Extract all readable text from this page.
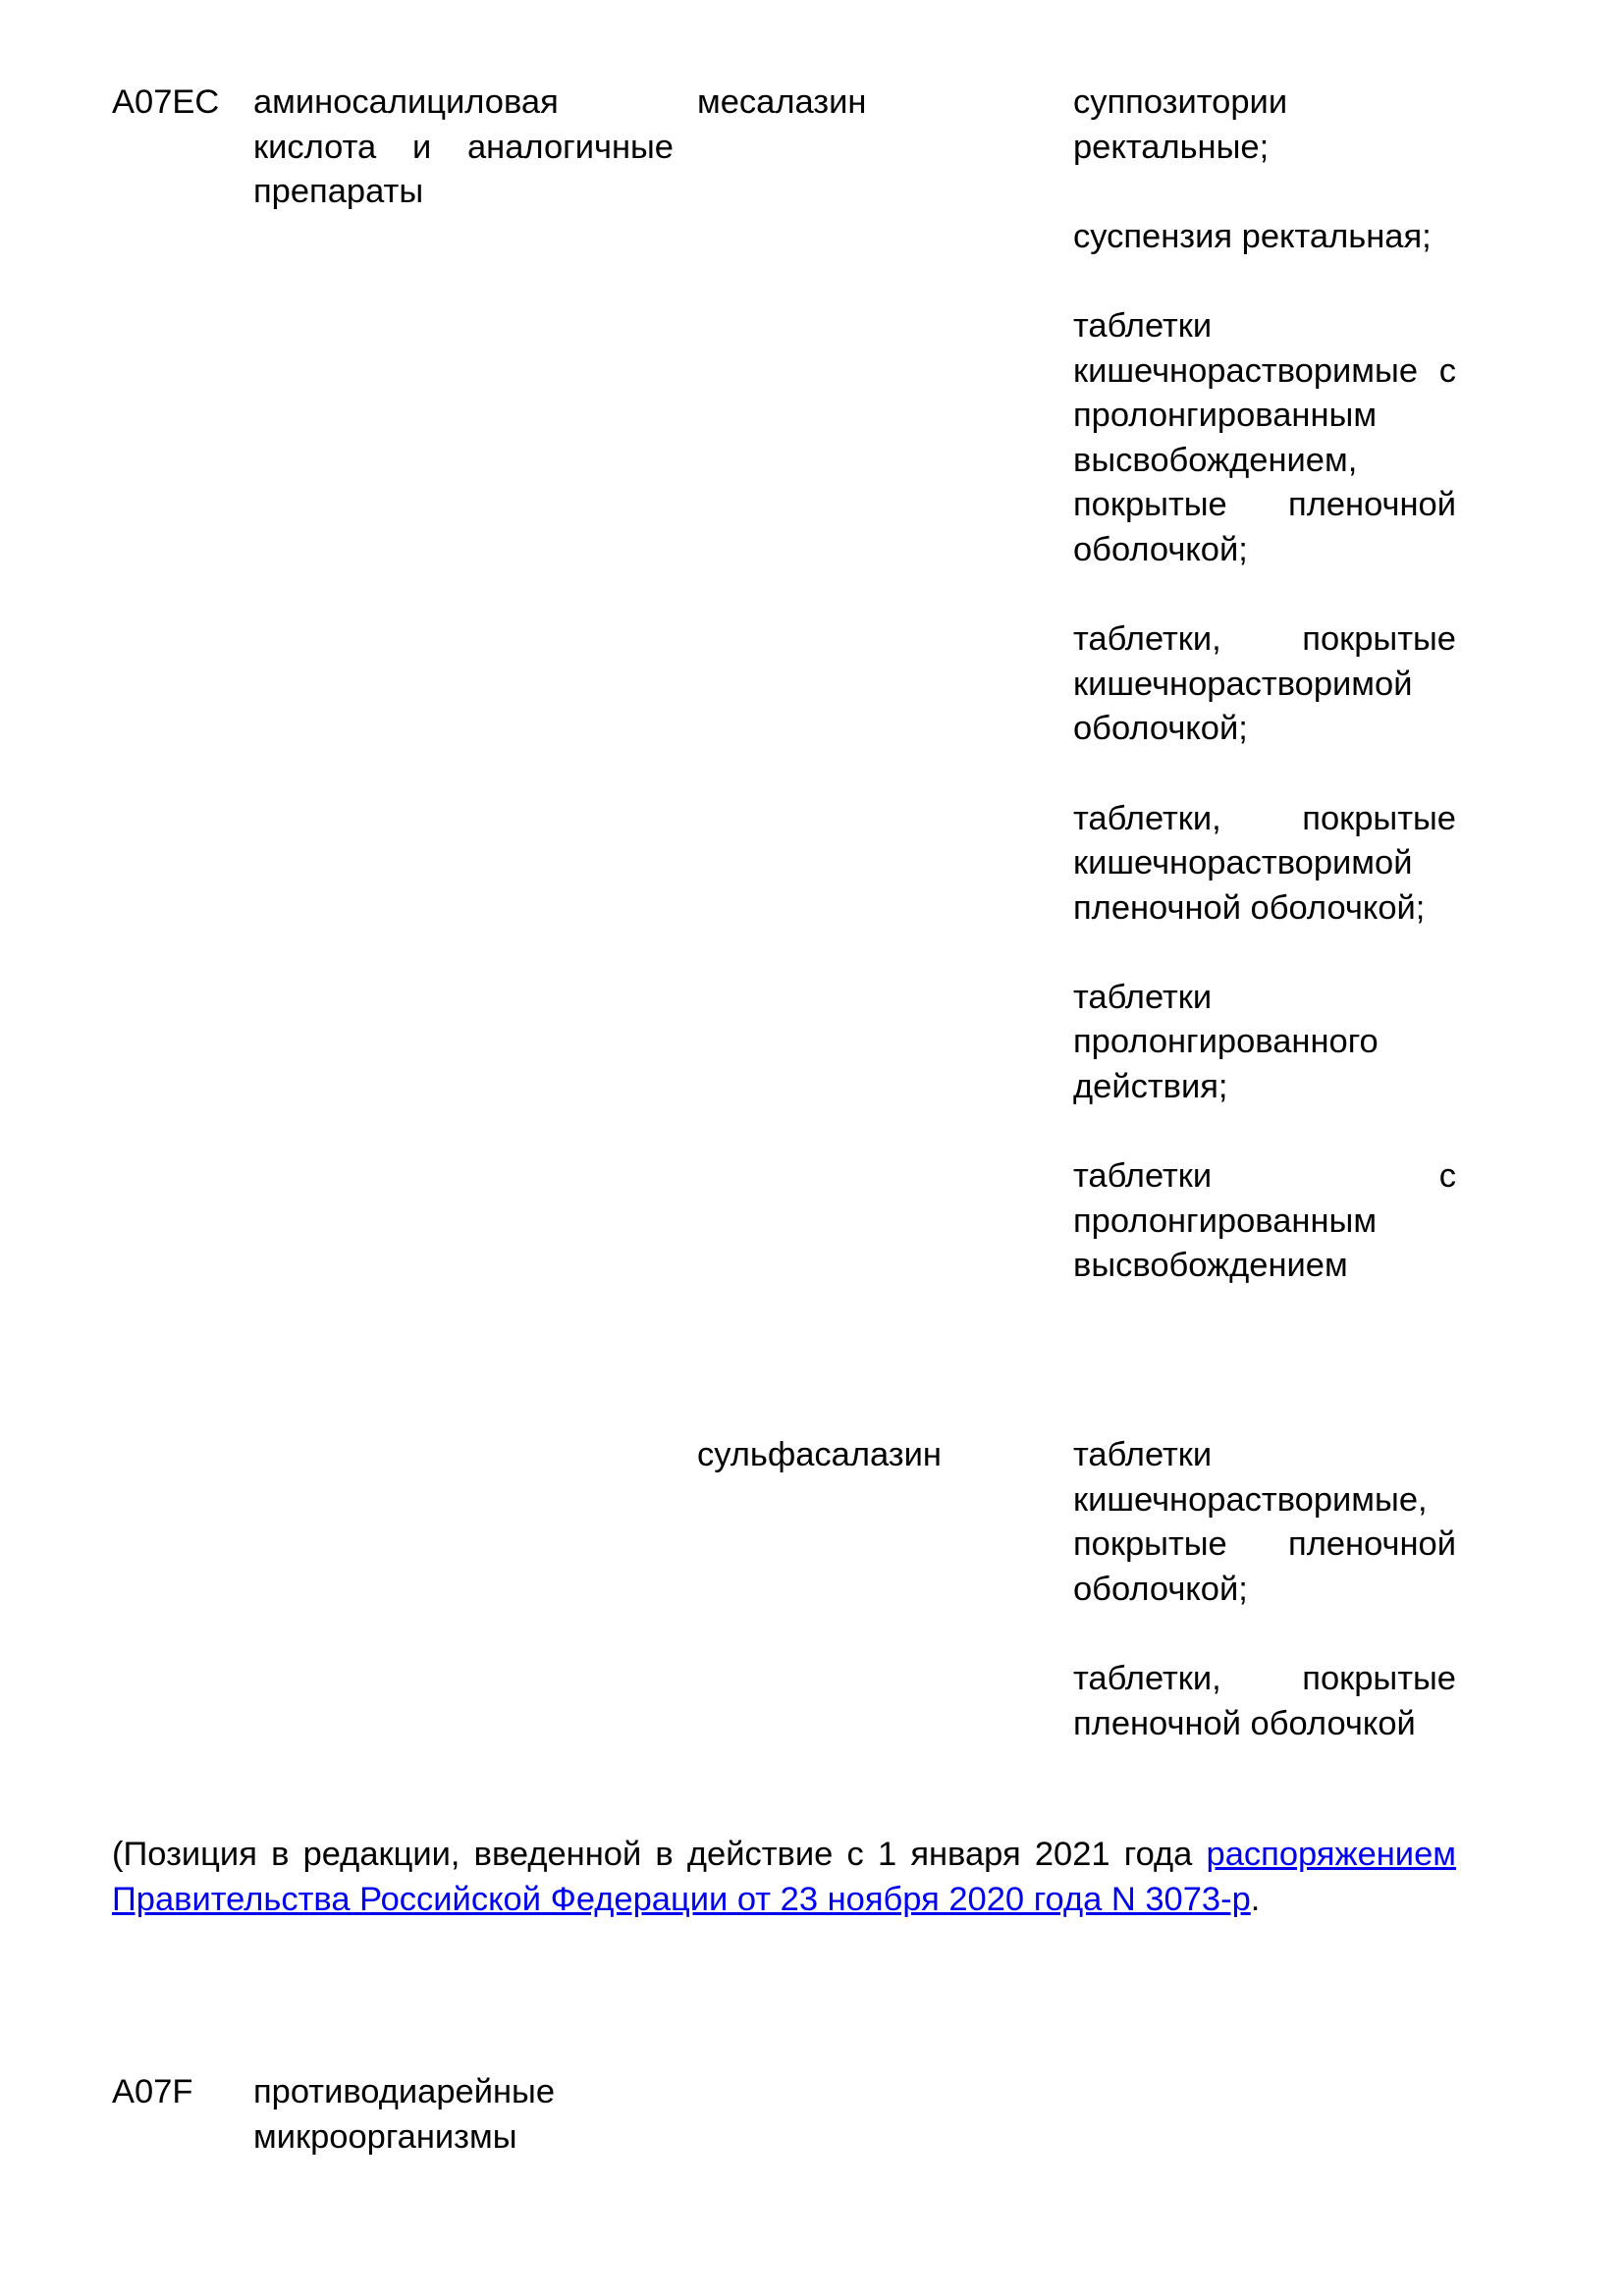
A07EC аминосалициловая кислота и аналогичные препараты
месалазин	суппозитории ректальные;
суспензия ректальная;
таблетки кишечнорастворимые с пролонгированным высвобождением, покрытые пленочной оболочкой;
таблетки, покрытые кишечнорастворимой оболочкой;
таблетки, покрытые кишечнорастворимой пленочной оболочкой;
таблетки пролонгированного действия;
таблетки с пролонгированным высвобождением
сульфасалазин	таблетки кишечнорастворимые, покрытые пленочной оболочкой;
таблетки, покрытые пленочной оболочкой
(Позиция в редакции, введенной в действие с 1 января 2021 года распоряжением Правительства Российской Федерации от 23 ноября 2020 года N 3073-р.
A07F противодиарейные микроорганизмы
